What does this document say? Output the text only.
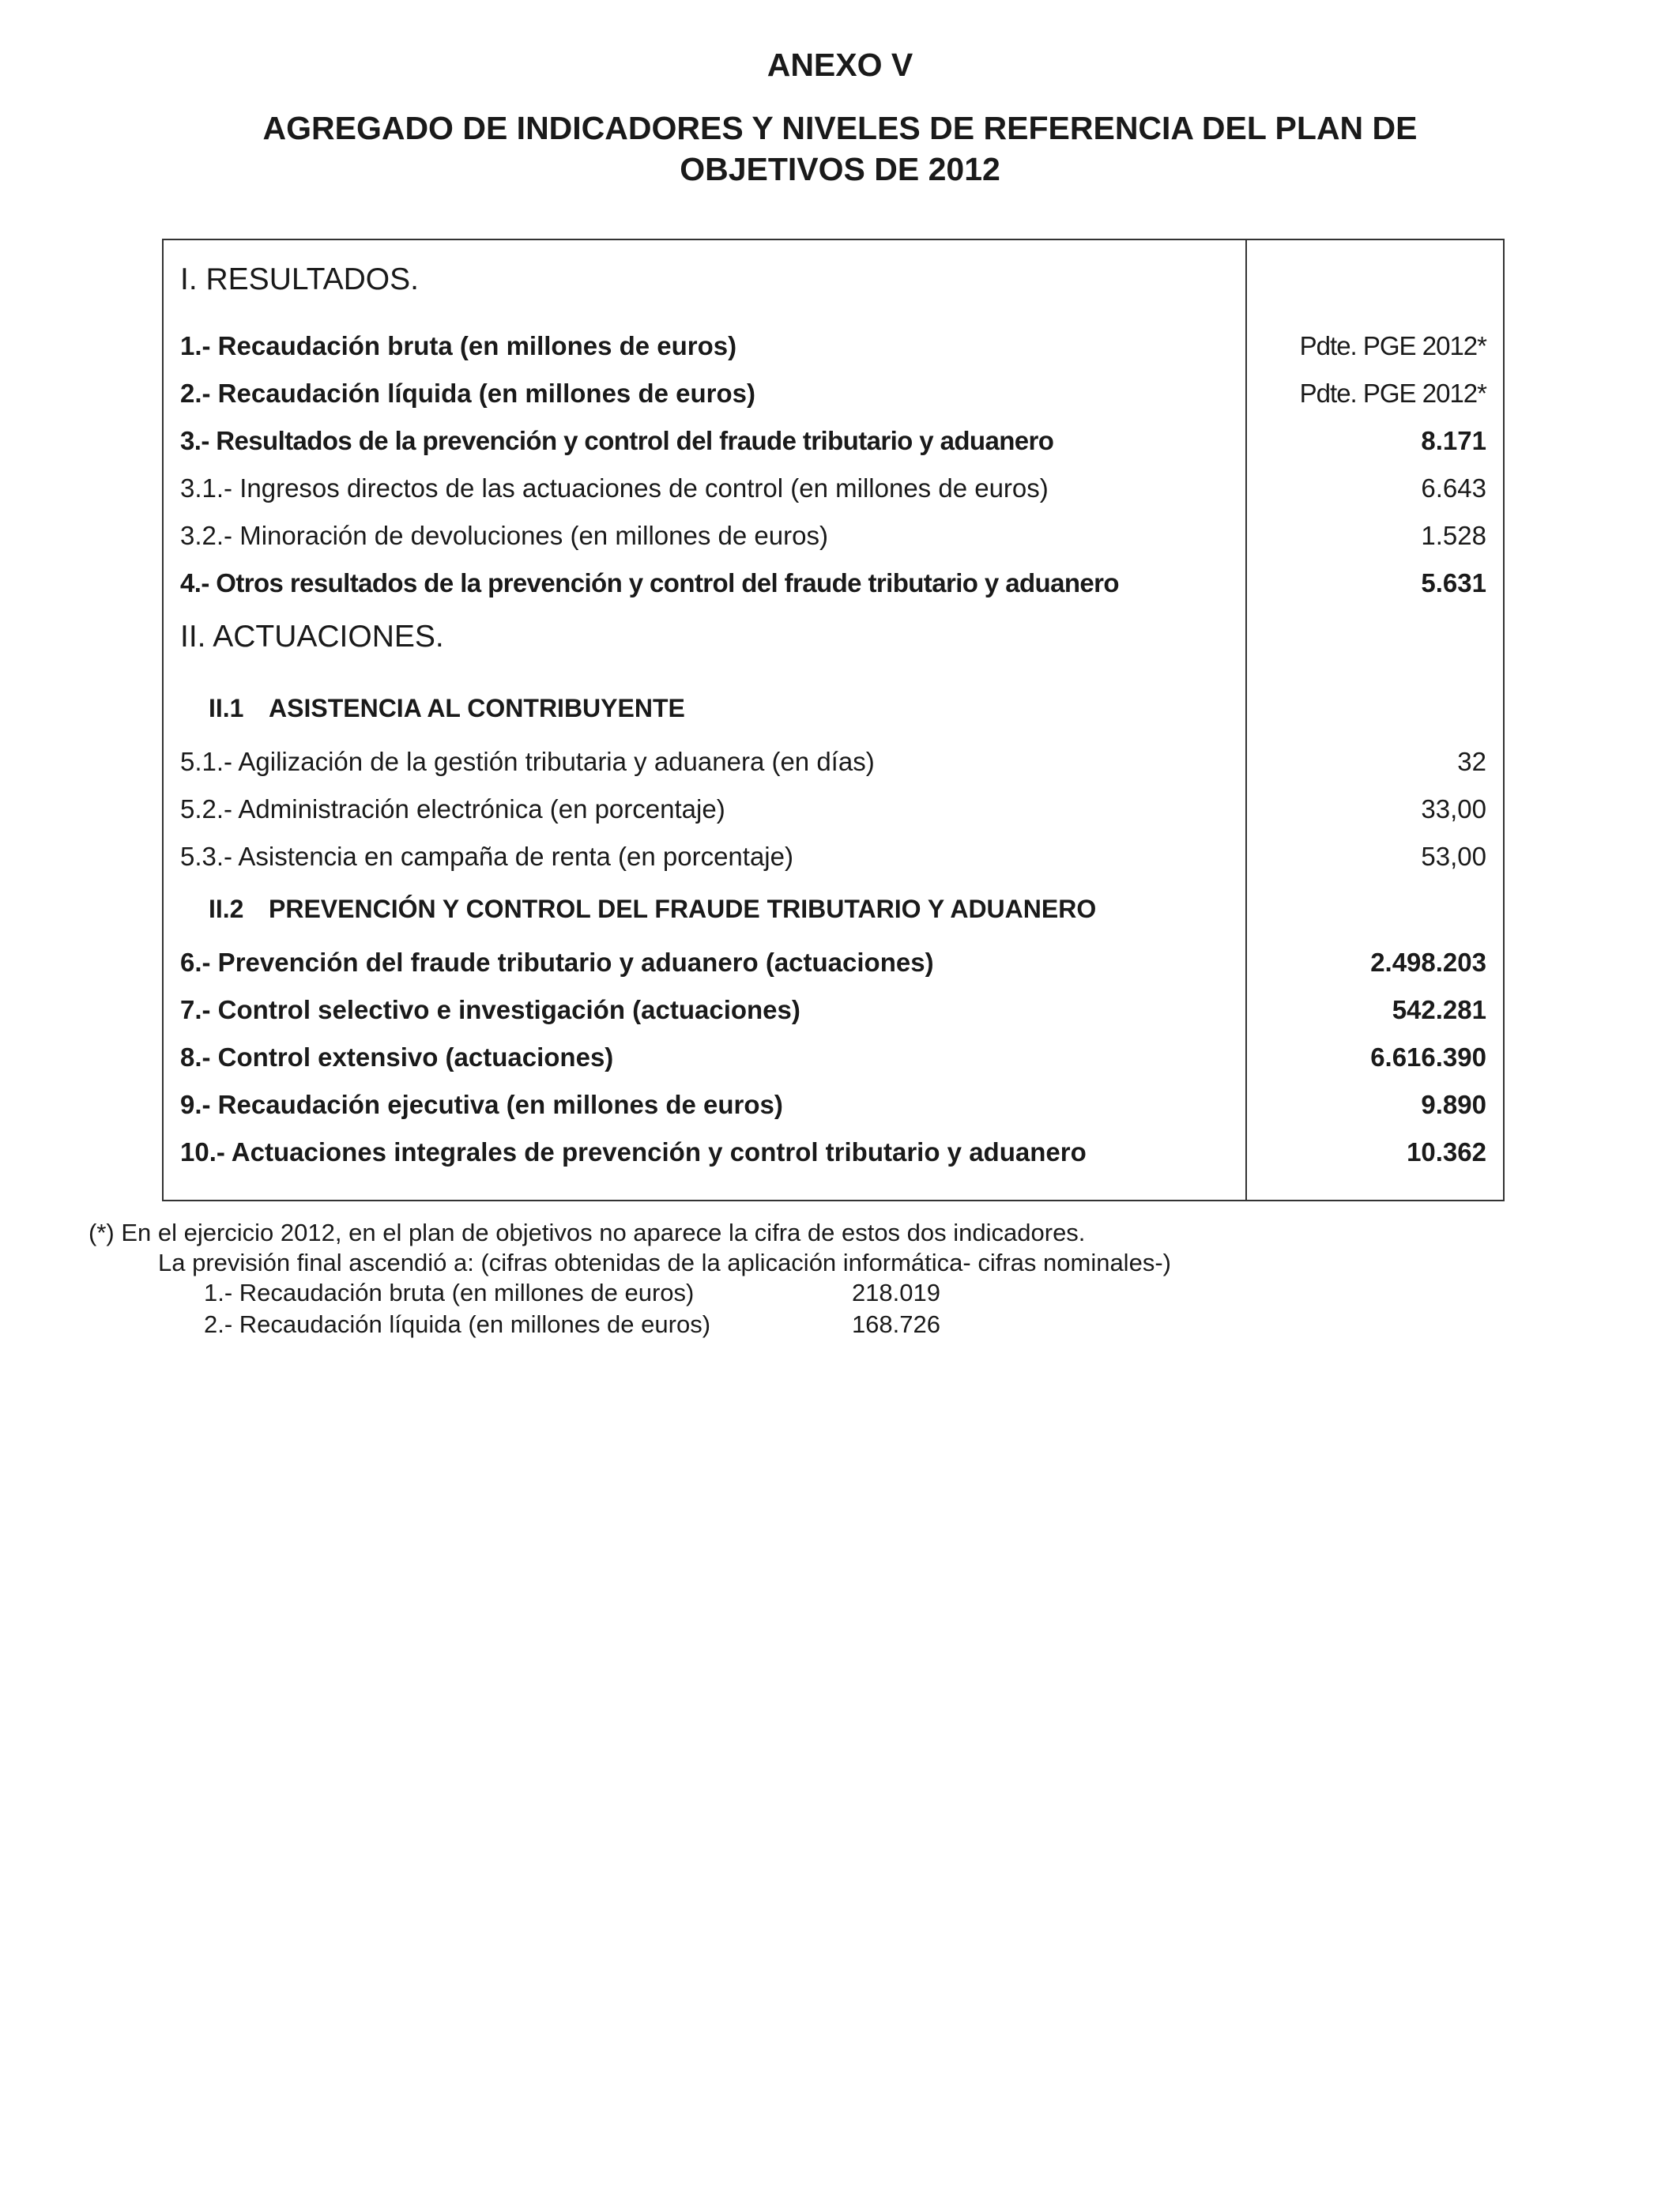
ANEXO V
AGREGADO DE INDICADORES Y NIVELES DE REFERENCIA DEL PLAN DE
OBJETIVOS DE 2012
I. RESULTADOS.
1.- Recaudación bruta (en millones de euros)	Pdte. PGE 2012*
2.- Recaudación líquida (en millones de euros)	Pdte. PGE 2012*
3.- Resultados de la prevención y control del fraude tributario y aduanero	8.171
3.1.- Ingresos directos de las actuaciones de control (en millones de euros)	6.643
3.2.- Minoración de devoluciones (en millones de euros)	1.528
4.- Otros resultados de la prevención y control del fraude tributario y aduanero	5.631
II. ACTUACIONES.
II.1 ASISTENCIA AL CONTRIBUYENTE
5.1.- Agilización de la gestión tributaria y aduanera (en días)	32
5.2.- Administración electrónica (en porcentaje)	33,00
5.3.- Asistencia en campaña de renta (en porcentaje)	53,00
II.2 PREVENCIÓN Y CONTROL DEL FRAUDE TRIBUTARIO Y ADUANERO
6.- Prevención del fraude tributario y aduanero (actuaciones)	2.498.203
7.- Control selectivo e investigación (actuaciones)	542.281
8.- Control extensivo (actuaciones)	6.616.390
9.- Recaudación ejecutiva (en millones de euros)	9.890
10.- Actuaciones integrales de prevención y control tributario y aduanero	10.362
(*) En el ejercicio 2012, en el plan de objetivos no aparece la cifra de estos dos indicadores.
La previsión final ascendió a: (cifras obtenidas de la aplicación informática- cifras nominales-)
1.- Recaudación bruta (en millones de euros)	218.019
2.- Recaudación líquida (en millones de euros)	168.726
